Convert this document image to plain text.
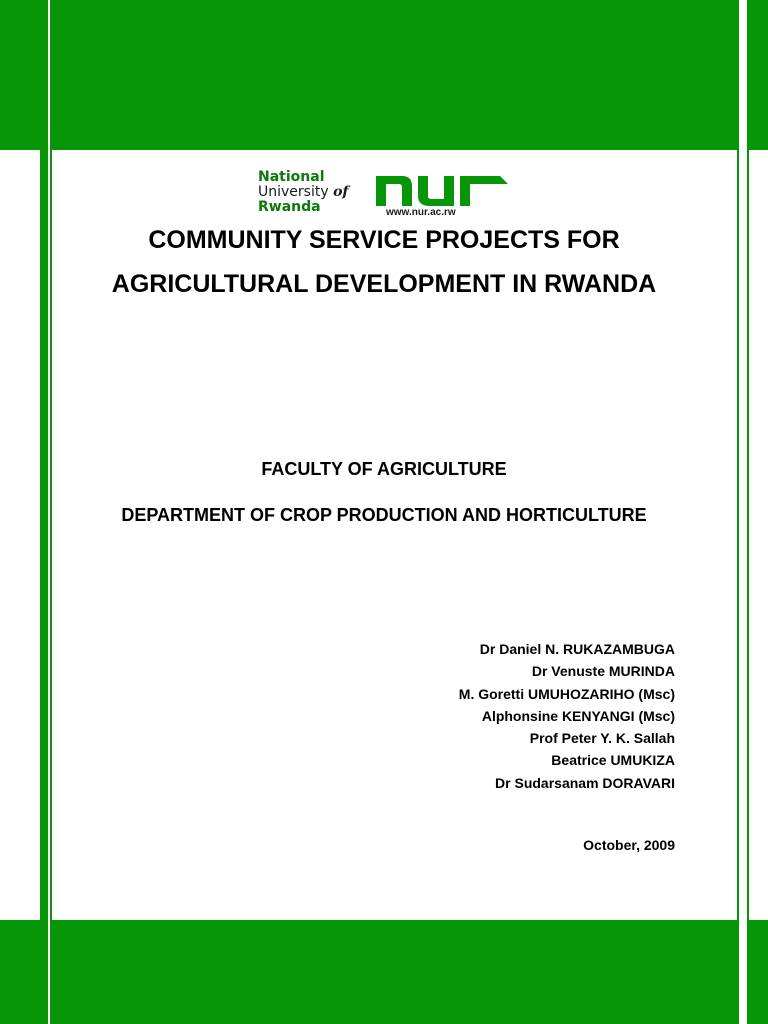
National
University of
Rwanda	www.nur.ac.rw
COMMUNITY SERVICE PROJECTS FOR
AGRICULTURAL DEVELOPMENT IN RWANDA
FACULTY OF AGRICULTURE
DEPARTMENT OF CROP PRODUCTION AND HORTICULTURE
Dr Daniel N. RUKAZAMBUGA
Dr Venuste MURINDA
M. Goretti UMUHOZARIHO (Msc)
Alphonsine KENYANGI (Msc)
Prof Peter Y. K. Sallah
Beatrice UMUKIZA
Dr Sudarsanam DORAVARI
October, 2009
